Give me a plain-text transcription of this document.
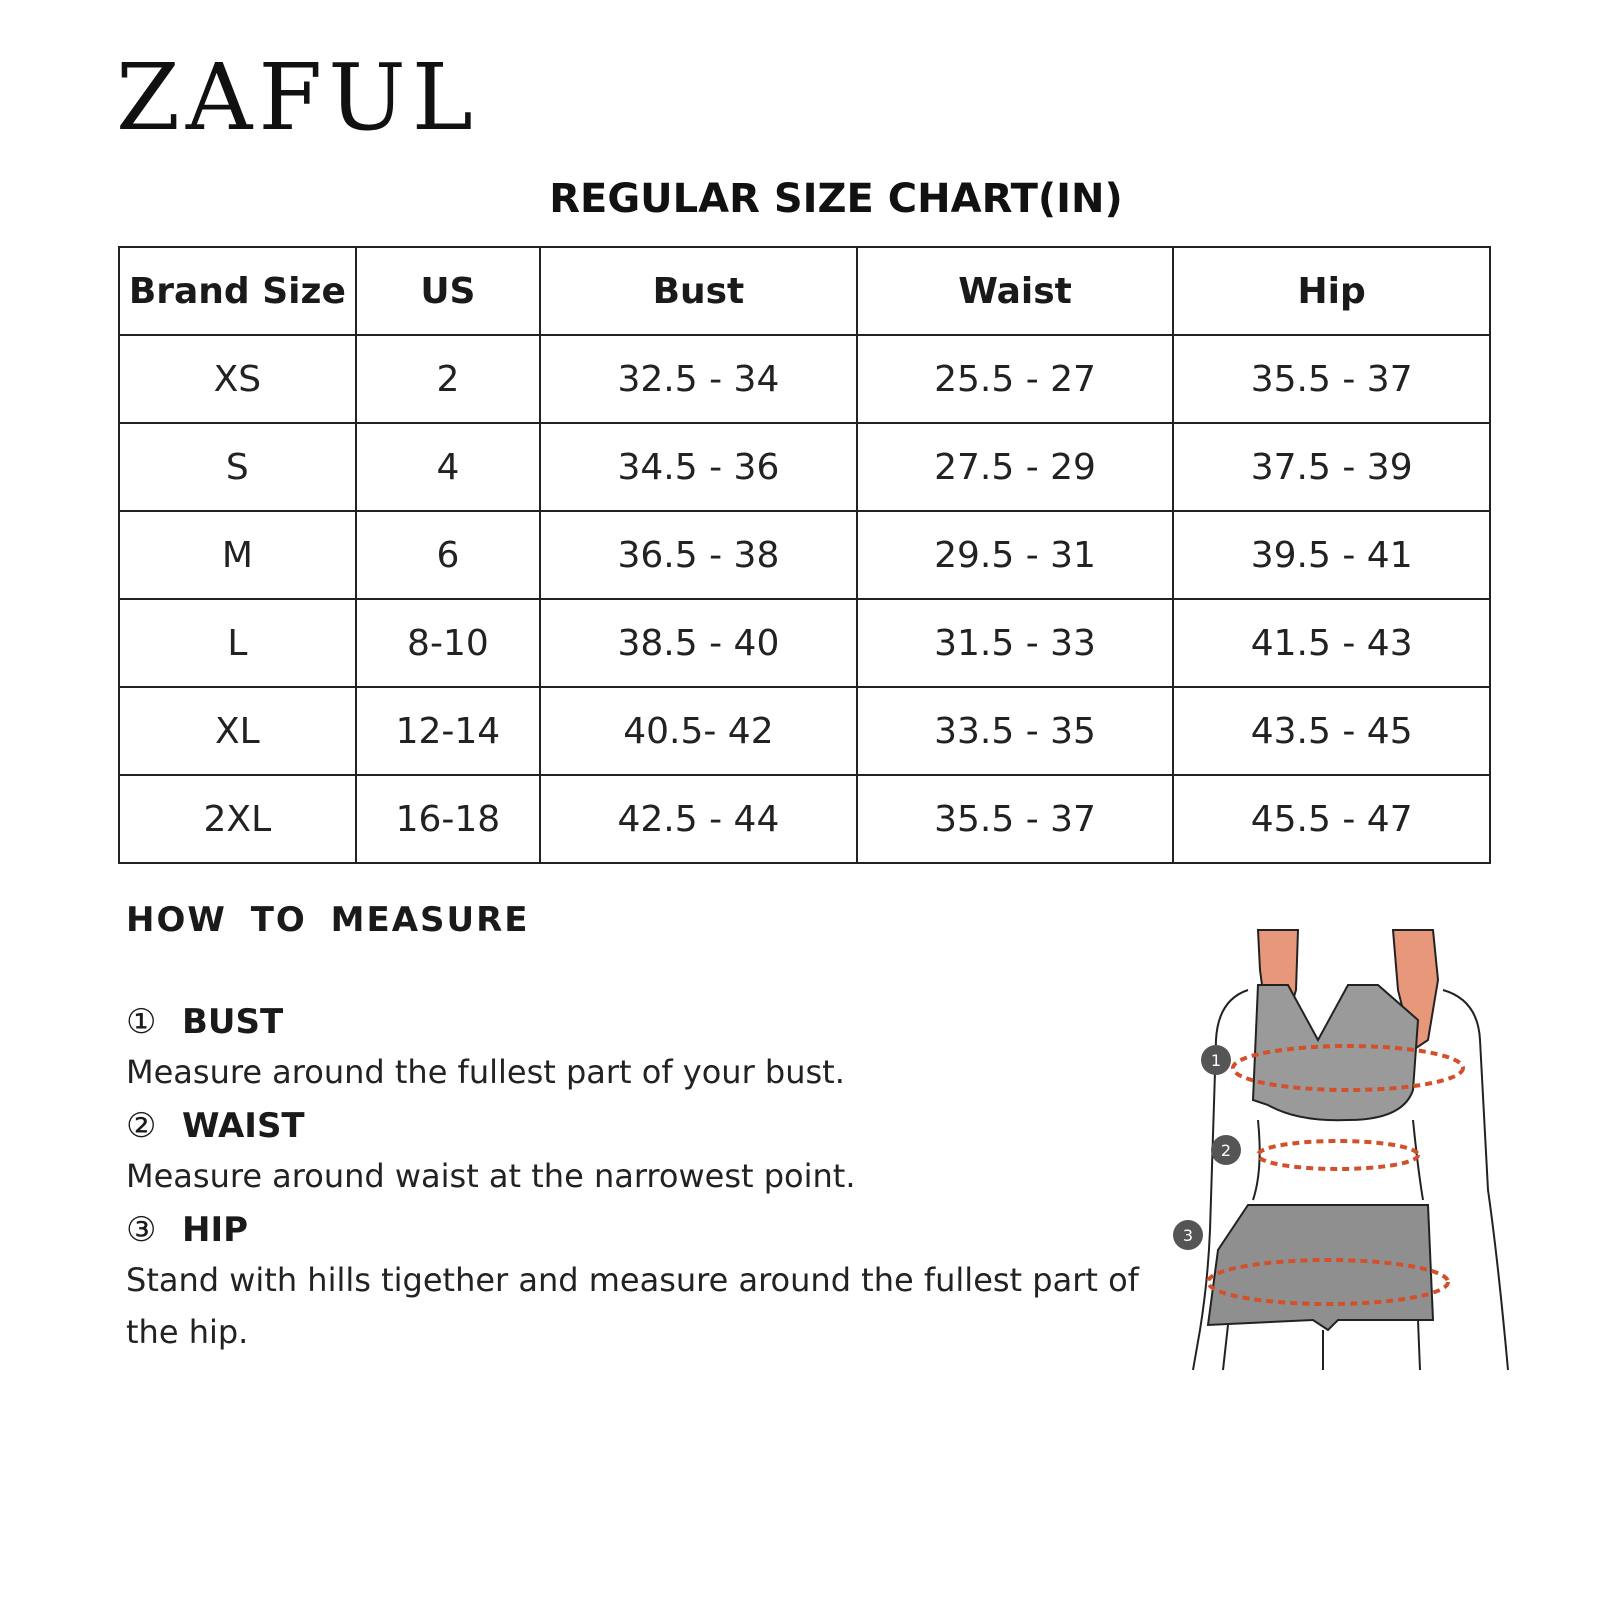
ZAFUL
REGULAR SIZE CHART(IN)
Brand Size	US	Bust	Waist	Hip
XS	2	32.5 - 34	25.5 - 27	35.5 - 37
S	4	34.5 - 36	27.5 - 29	37.5 - 39
M	6	36.5 - 38	29.5 - 31	39.5 - 41
L	8-10	38.5 - 40	31.5 - 33	41.5 - 43
XL	12-14	40.5- 42	33.5 - 35	43.5 - 45
2XL	16-18	42.5 - 44	35.5 - 37	45.5 - 47
HOW TO MEASURE

① BUST

Measure around the fullest part of your bust.

② WAIST

Measure around waist at the narrowest point.

③ HIP

Stand with hills tigether and measure around the fullest part of the hip.

1
2
3
